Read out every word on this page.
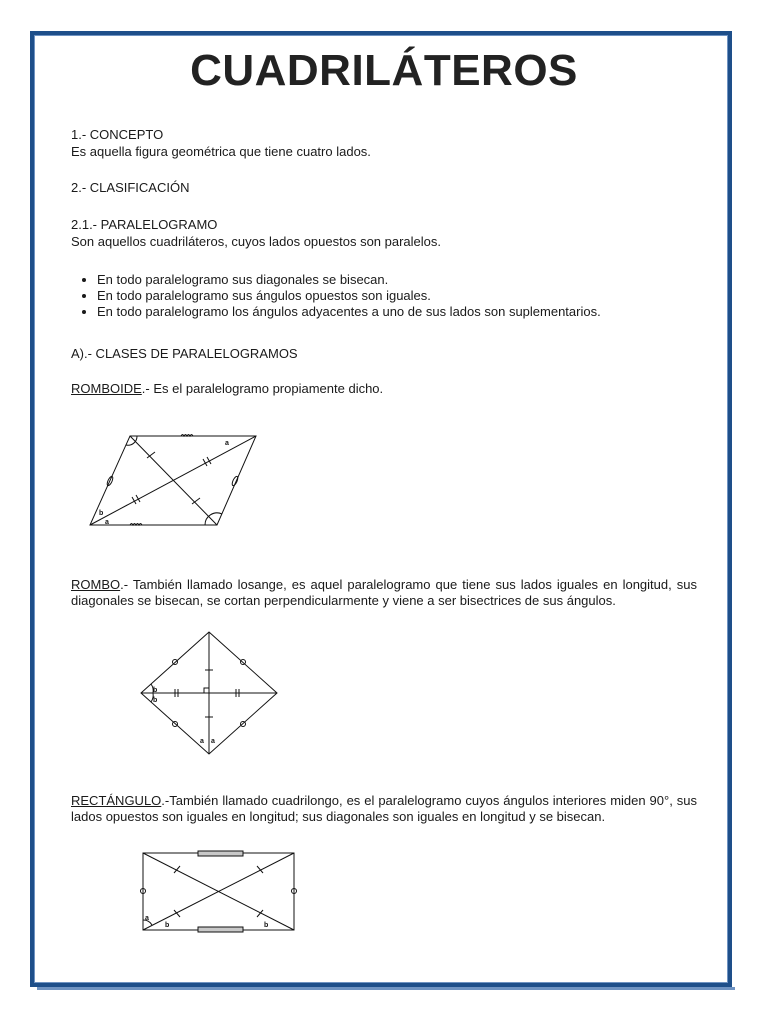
CUADRILÁTEROS

1.- CONCEPTO

Es aquella figura geométrica que tiene cuatro lados.

2.- CLASIFICACIÓN

2.1.- PARALELOGRAMO

Son aquellos cuadriláteros, cuyos lados opuestos son paralelos.

• En todo paralelogramo sus diagonales se bisecan.
• En todo paralelogramo sus ángulos opuestos son iguales.
• En todo paralelogramo los ángulos adyacentes a uno de sus lados son suplementarios.

A).- CLASES DE PARALELOGRAMOS

ROMBOIDE.- Es el paralelogramo propiamente dicho.

a
b
a

ROMBO.- También llamado losange, es aquel paralelogramo que tiene sus lados iguales en longitud, sus diagonales se bisecan, se cortan perpendicularmente y viene a ser bisectrices de sus ángulos.

b
b
a a

RECTÁNGULO.-También llamado cuadrilongo, es el paralelogramo cuyos ángulos interiores miden 90°, sus lados opuestos son iguales en longitud; sus diagonales son iguales en longitud y se bisecan.

a
b	b
